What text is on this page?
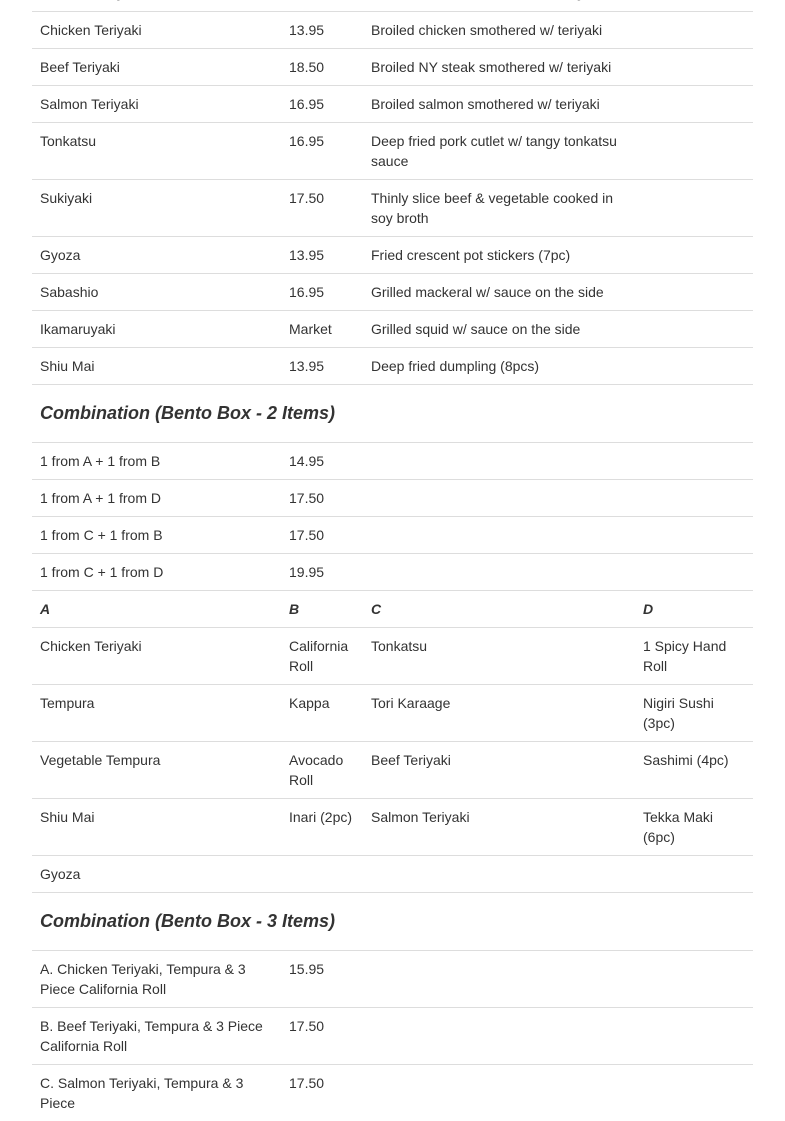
Chicken Teriyaki	13.95	Broiled chicken smothered w/ teriyaki	
Beef Teriyaki	18.50	Broiled NY steak smothered w/ teriyaki	
Salmon Teriyaki	16.95	Broiled salmon smothered w/ teriyaki	
Tonkatsu	16.95	Deep fried pork cutlet w/ tangy tonkatsu sauce	
Sukiyaki	17.50	Thinly slice beef & vegetable cooked in soy broth	
Gyoza	13.95	Fried crescent pot stickers (7pc)	
Sabashio	16.95	Grilled mackeral w/ sauce on the side	
Ikamaruyaki	Market	Grilled squid w/ sauce on the side	
Shiu Mai	13.95	Deep fried dumpling (8pcs)	
Combination (Bento Box - 2 Items)			
1 from A + 1 from B	14.95		
1 from A + 1 from D	17.50		
1 from C + 1 from B	17.50		
1 from C + 1 from D	19.95		
A	B	C	D
Chicken Teriyaki	California Roll	Tonkatsu	1 Spicy Hand Roll
Tempura	Kappa	Tori Karaage	Nigiri Sushi (3pc)
Vegetable Tempura	Avocado Roll	Beef Teriyaki	Sashimi (4pc)
Shiu Mai	Inari (2pc)	Salmon Teriyaki	Tekka Maki (6pc)
Gyoza			
Combination (Bento Box - 3 Items)			
A. Chicken Teriyaki, Tempura & 3 Piece California Roll	15.95		
B. Beef Teriyaki, Tempura & 3 Piece California Roll	17.50		
C. Salmon Teriyaki, Tempura & 3 Piece	17.50		
